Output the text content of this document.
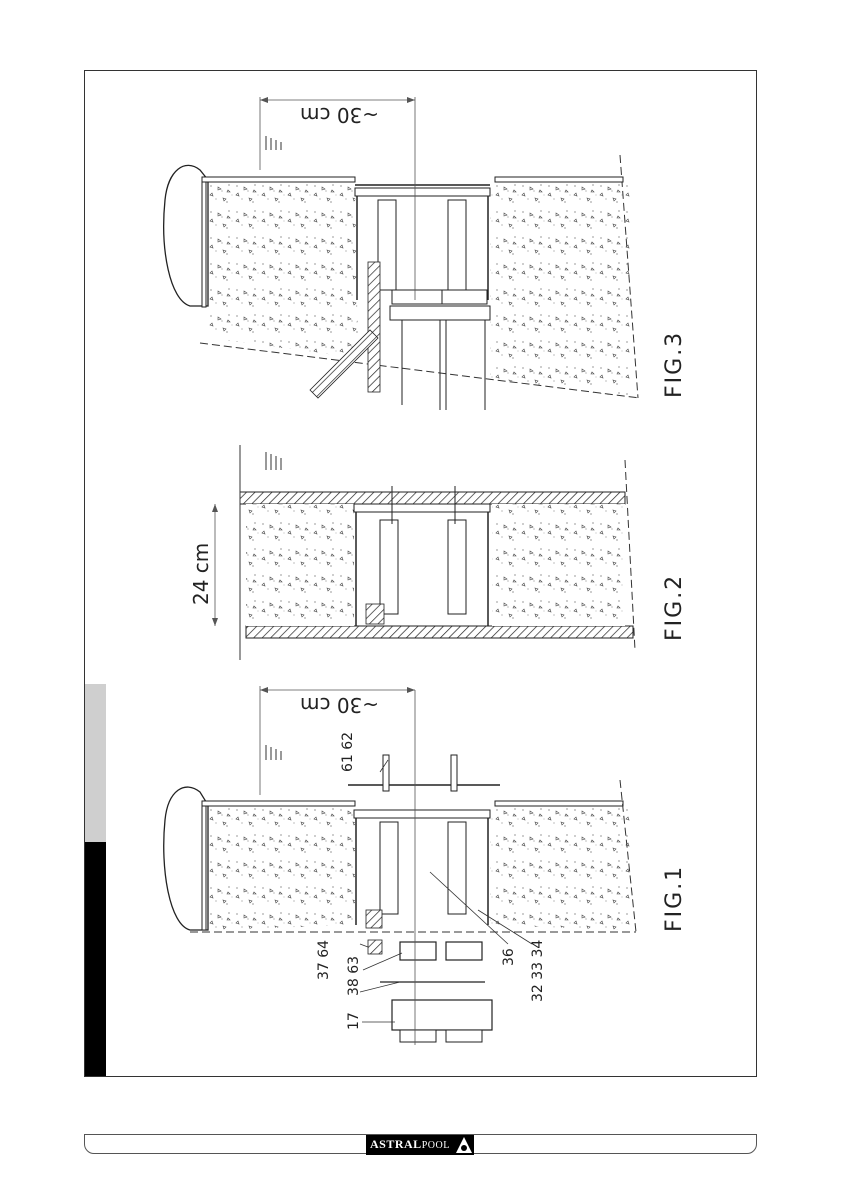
~30 cm
FIG.3
24 cm	FIG.2
~30 cm
FIG.1
61 62
37 64 38 63
17
36 32 33 34
ASTRALPOOL
